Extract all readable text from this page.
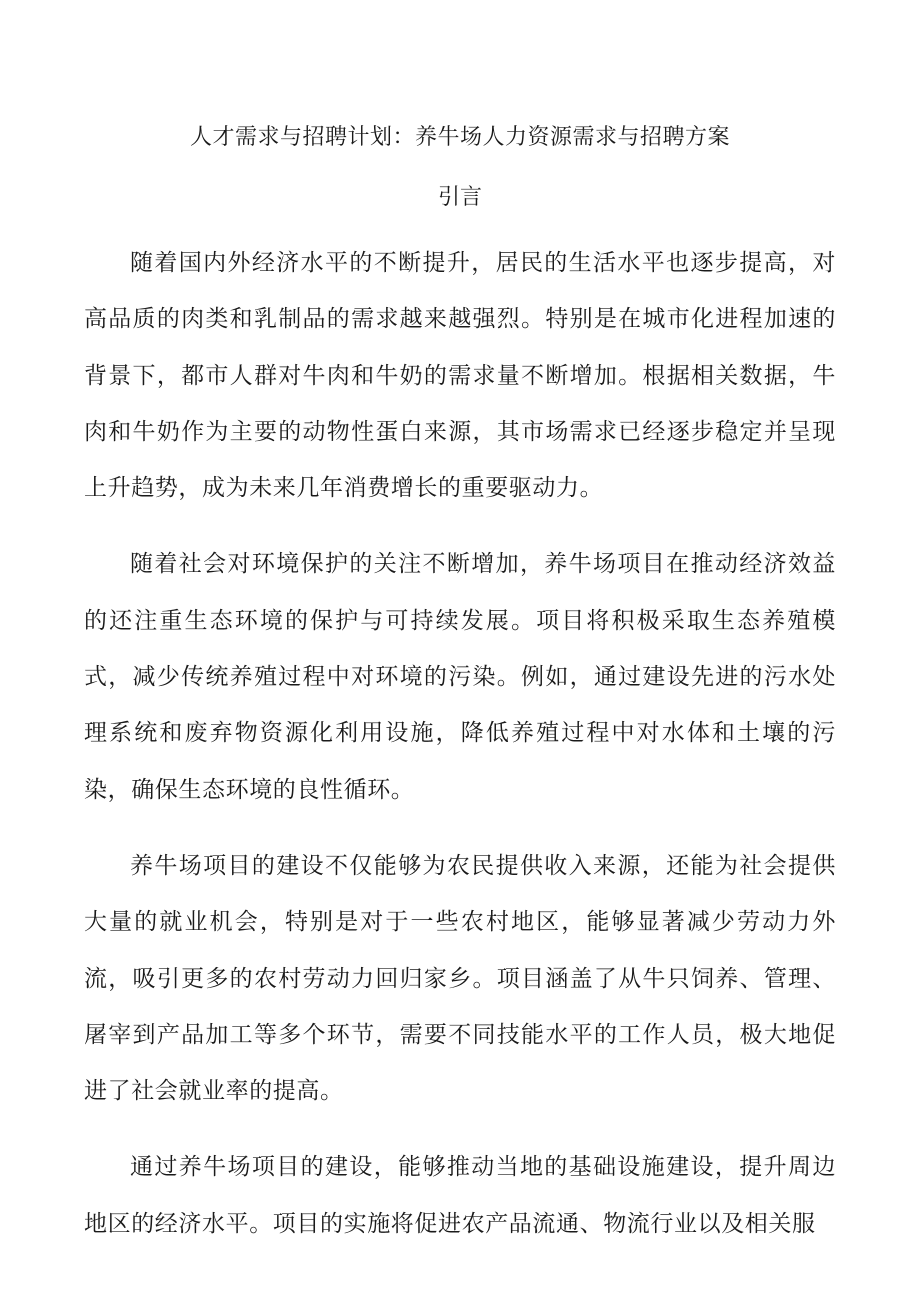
人才需求与招聘计划：养牛场人力资源需求与招聘方案
引言

随着国内外经济水平的不断提升，居民的生活水平也逐步提高，对高品质的肉类和乳制品的需求越来越强烈。特别是在城市化进程加速的背景下，都市人群对牛肉和牛奶的需求量不断增加。根据相关数据，牛肉和牛奶作为主要的动物性蛋白来源，其市场需求已经逐步稳定并呈现上升趋势，成为未来几年消费增长的重要驱动力。

随着社会对环境保护的关注不断增加，养牛场项目在推动经济效益的还注重生态环境的保护与可持续发展。项目将积极采取生态养殖模式，减少传统养殖过程中对环境的污染。例如，通过建设先进的污水处理系统和废弃物资源化利用设施，降低养殖过程中对水体和土壤的污染，确保生态环境的良性循环。

养牛场项目的建设不仅能够为农民提供收入来源，还能为社会提供大量的就业机会，特别是对于一些农村地区，能够显著减少劳动力外流，吸引更多的农村劳动力回归家乡。项目涵盖了从牛只饲养、管理、屠宰到产品加工等多个环节，需要不同技能水平的工作人员，极大地促进了社会就业率的提高。

通过养牛场项目的建设，能够推动当地的基础设施建设，提升周边地区的经济水平。项目的实施将促进农产品流通、物流行业以及相关服
